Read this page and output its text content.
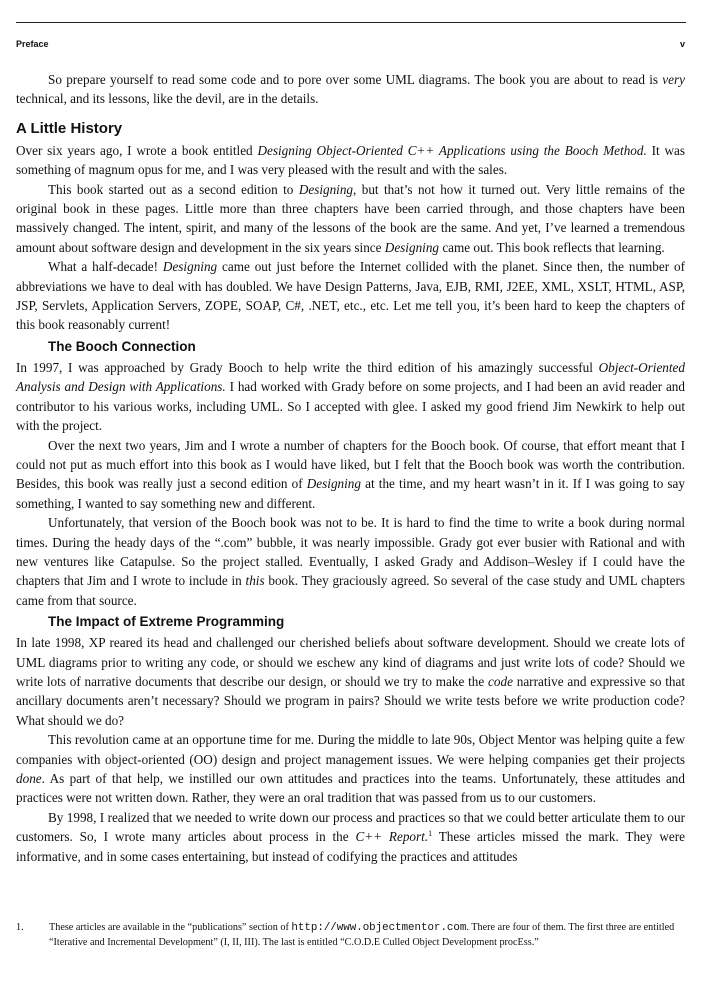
Preface	v

So prepare yourself to read some code and to pore over some UML diagrams. The book you are about to read is very technical, and its lessons, like the devil, are in the details.

A Little History

Over six years ago, I wrote a book entitled Designing Object-Oriented C++ Applications using the Booch Method. It was something of magnum opus for me, and I was very pleased with the result and with the sales.

This book started out as a second edition to Designing, but that’s not how it turned out. Very little remains of the original book in these pages. Little more than three chapters have been carried through, and those chapters have been massively changed. The intent, spirit, and many of the lessons of the book are the same. And yet, I’ve learned a tremendous amount about software design and development in the six years since Designing came out. This book reflects that learning.

What a half-decade! Designing came out just before the Internet collided with the planet. Since then, the number of abbreviations we have to deal with has doubled. We have Design Patterns, Java, EJB, RMI, J2EE, XML, XSLT, HTML, ASP, JSP, Servlets, Application Servers, ZOPE, SOAP, C#, .NET, etc., etc. Let me tell you, it’s been hard to keep the chapters of this book reasonably current!

The Booch Connection

In 1997, I was approached by Grady Booch to help write the third edition of his amazingly successful Object-Oriented Analysis and Design with Applications. I had worked with Grady before on some projects, and I had been an avid reader and contributor to his various works, including UML. So I accepted with glee. I asked my good friend Jim Newkirk to help out with the project.

Over the next two years, Jim and I wrote a number of chapters for the Booch book. Of course, that effort meant that I could not put as much effort into this book as I would have liked, but I felt that the Booch book was worth the contribution. Besides, this book was really just a second edition of Designing at the time, and my heart wasn’t in it. If I was going to say something, I wanted to say something new and different.

Unfortunately, that version of the Booch book was not to be. It is hard to find the time to write a book during normal times. During the heady days of the “.com” bubble, it was nearly impossible. Grady got ever busier with Rational and with new ventures like Catapulse. So the project stalled. Eventually, I asked Grady and Addison–Wesley if I could have the chapters that Jim and I wrote to include in this book. They graciously agreed. So several of the case study and UML chapters came from that source.

The Impact of Extreme Programming

In late 1998, XP reared its head and challenged our cherished beliefs about software development. Should we create lots of UML diagrams prior to writing any code, or should we eschew any kind of diagrams and just write lots of code? Should we write lots of narrative documents that describe our design, or should we try to make the code narrative and expressive so that ancillary documents aren’t necessary? Should we program in pairs? Should we write tests before we write production code? What should we do?

This revolution came at an opportune time for me. During the middle to late 90s, Object Mentor was helping quite a few companies with object-oriented (OO) design and project management issues. We were helping companies get their projects done. As part of that help, we instilled our own attitudes and practices into the teams. Unfortunately, these attitudes and practices were not written down. Rather, they were an oral tradition that was passed from us to our customers.

By 1998, I realized that we needed to write down our process and practices so that we could better articulate them to our customers. So, I wrote many articles about process in the C++ Report.$^1$ These articles missed the mark. They were informative, and in some cases entertaining, but instead of codifying the practices and attitudes

1. These articles are available in the “publications” section of http://www.objectmentor.com. There are four of them. The first three are entitled “Iterative and Incremental Development” (I, II, III). The last is entitled “C.O.D.E Culled Object Development procEss.”
